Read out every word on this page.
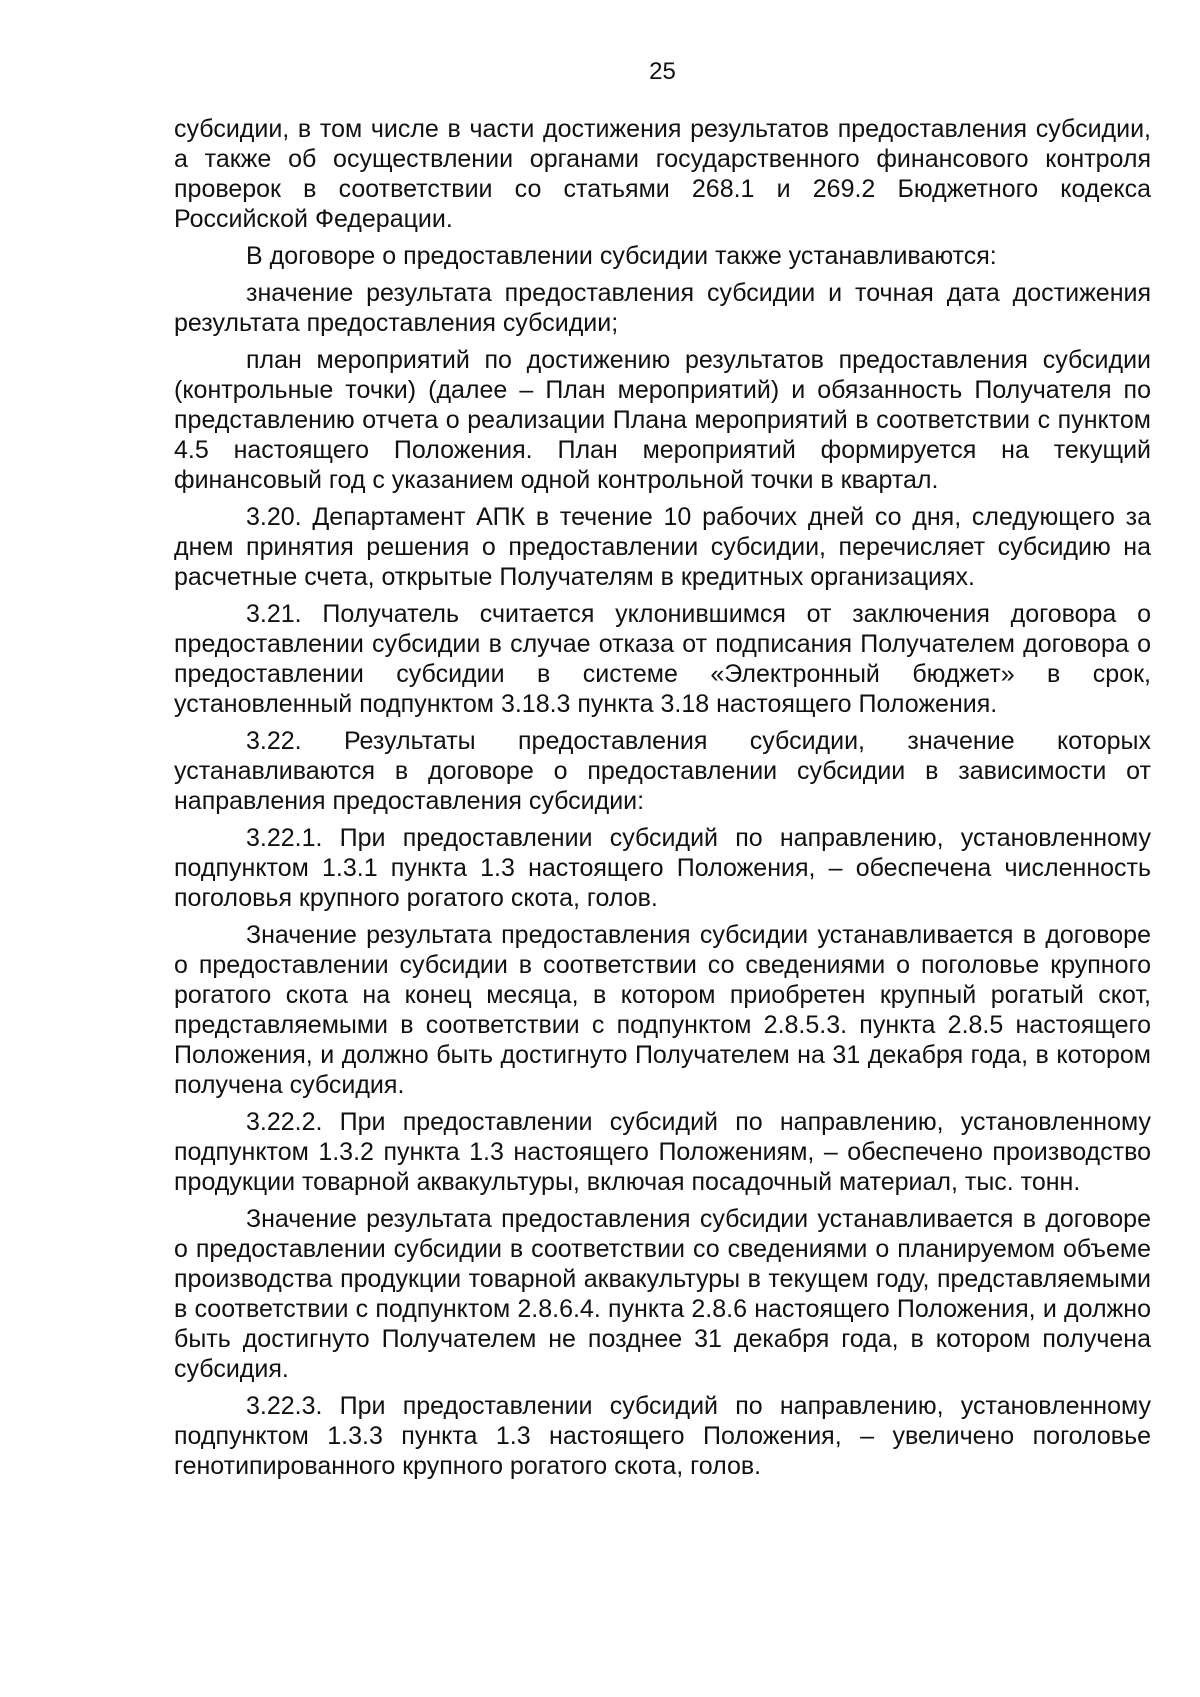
25

субсидии, в том числе в части достижения результатов предоставления субсидии, а также об осуществлении органами государственного финансового контроля проверок в соответствии со статьями 268.1 и 269.2 Бюджетного кодекса Российской Федерации.

В договоре о предоставлении субсидии также устанавливаются:

значение результата предоставления субсидии и точная дата достижения результата предоставления субсидии;

план мероприятий по достижению результатов предоставления субсидии (контрольные точки) (далее – План мероприятий) и обязанность Получателя по представлению отчета о реализации Плана мероприятий в соответствии с пунктом 4.5 настоящего Положения. План мероприятий формируется на текущий финансовый год с указанием одной контрольной точки в квартал.

3.20. Департамент АПК в течение 10 рабочих дней со дня, следующего за днем принятия решения о предоставлении субсидии, перечисляет субсидию на расчетные счета, открытые Получателям в кредитных организациях.

3.21. Получатель считается уклонившимся от заключения договора о предоставлении субсидии в случае отказа от подписания Получателем договора о предоставлении субсидии в системе «Электронный бюджет» в срок, установленный подпунктом 3.18.3 пункта 3.18 настоящего Положения.

3.22. Результаты предоставления субсидии, значение которых устанавливаются в договоре о предоставлении субсидии в зависимости от направления предоставления субсидии:

3.22.1. При предоставлении субсидий по направлению, установленному подпунктом 1.3.1 пункта 1.3 настоящего Положения, – обеспечена численность поголовья крупного рогатого скота, голов.

Значение результата предоставления субсидии устанавливается в договоре о предоставлении субсидии в соответствии со сведениями о поголовье крупного рогатого скота на конец месяца, в котором приобретен крупный рогатый скот, представляемыми в соответствии с подпунктом 2.8.5.3. пункта 2.8.5 настоящего Положения, и должно быть достигнуто Получателем на 31 декабря года, в котором получена субсидия.

3.22.2. При предоставлении субсидий по направлению, установленному подпунктом 1.3.2 пункта 1.3 настоящего Положениям, – обеспечено производство продукции товарной аквакультуры, включая посадочный материал, тыс. тонн.

Значение результата предоставления субсидии устанавливается в договоре о предоставлении субсидии в соответствии со сведениями о планируемом объеме производства продукции товарной аквакультуры в текущем году, представляемыми в соответствии с подпунктом 2.8.6.4. пункта 2.8.6 настоящего Положения, и должно быть достигнуто Получателем не позднее 31 декабря года, в котором получена субсидия.

3.22.3. При предоставлении субсидий по направлению, установленному подпунктом 1.3.3 пункта 1.3 настоящего Положения, – увеличено поголовье генотипированного крупного рогатого скота, голов.
